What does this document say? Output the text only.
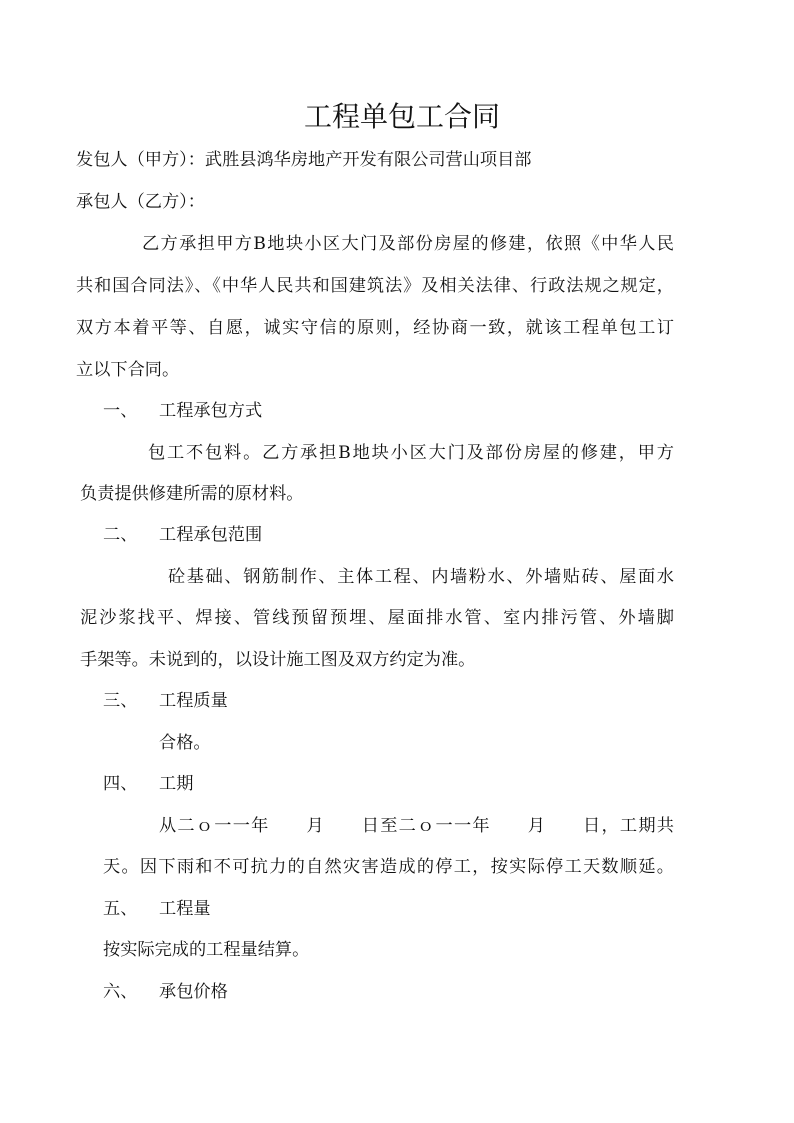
工程单包工合同
发包人（甲方）：武胜县鸿华房地产开发有限公司营山项目部
承包人（乙方）：
乙方承担甲方B地块小区大门及部份房屋的修建，依照《中华人民
共和国合同法》、《中华人民共和国建筑法》及相关法律、行政法规之规定，
双方本着平等、自愿，诚实守信的原则，经协商一致，就该工程单包工订
立以下合同。
一、 工程承包方式
包工不包料。乙方承担B地块小区大门及部份房屋的修建，甲方
负责提供修建所需的原材料。
二、 工程承包范围
砼基础、钢筋制作、主体工程、内墙粉水、外墙贴砖、屋面水
泥沙浆找平、焊接、管线预留预埋、屋面排水管、室内排污管、外墙脚
手架等。未说到的，以设计施工图及双方约定为准。
三、 工程质量
合格。
四、 工期
从二ｏ一一年　　月　　日至二ｏ一一年　　月　　日，工期共
天。因下雨和不可抗力的自然灾害造成的停工，按实际停工天数顺延。
五、 工程量
按实际完成的工程量结算。
六、 承包价格
